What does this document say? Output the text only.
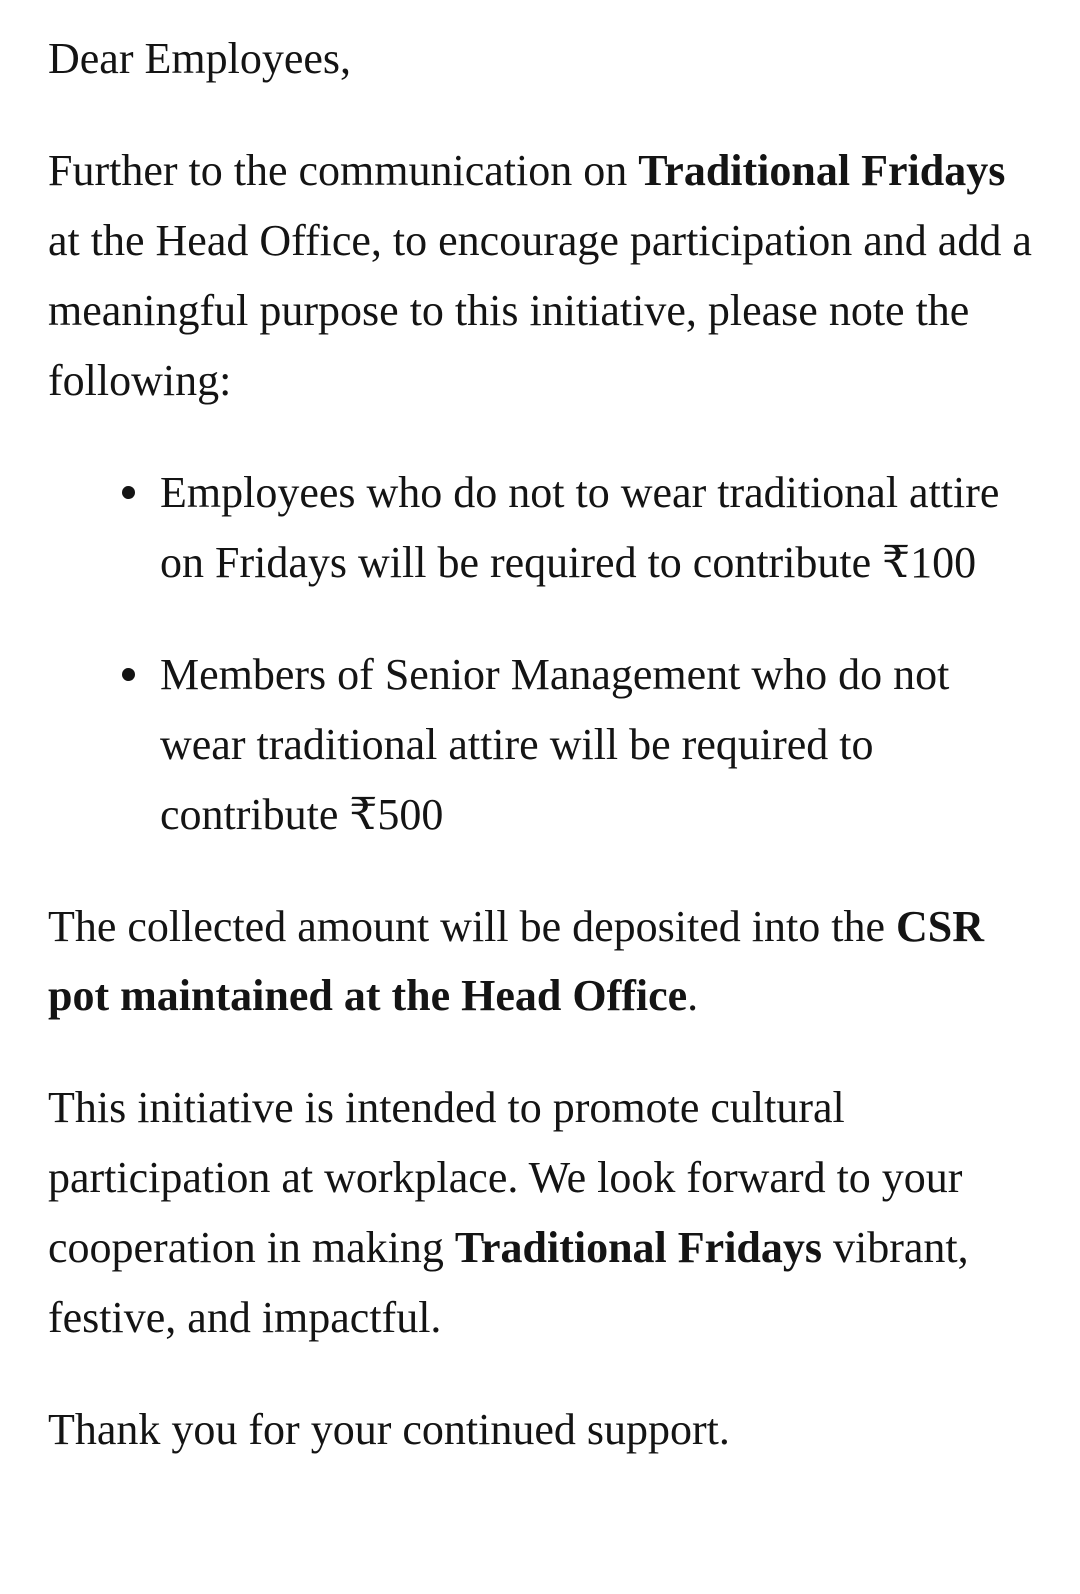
Dear Employees,

Further to the communication on Traditional Fridays at the Head Office, to encourage participation and add a meaningful purpose to this initiative, please note the following:

Employees who do not to wear traditional attire on Fridays will be required to contribute ₹100
Members of Senior Management who do not wear traditional attire will be required to contribute ₹500

The collected amount will be deposited into the CSR pot maintained at the Head Office.

This initiative is intended to promote cultural participation at workplace. We look forward to your cooperation in making Traditional Fridays vibrant, festive, and impactful.

Thank you for your continued support.
